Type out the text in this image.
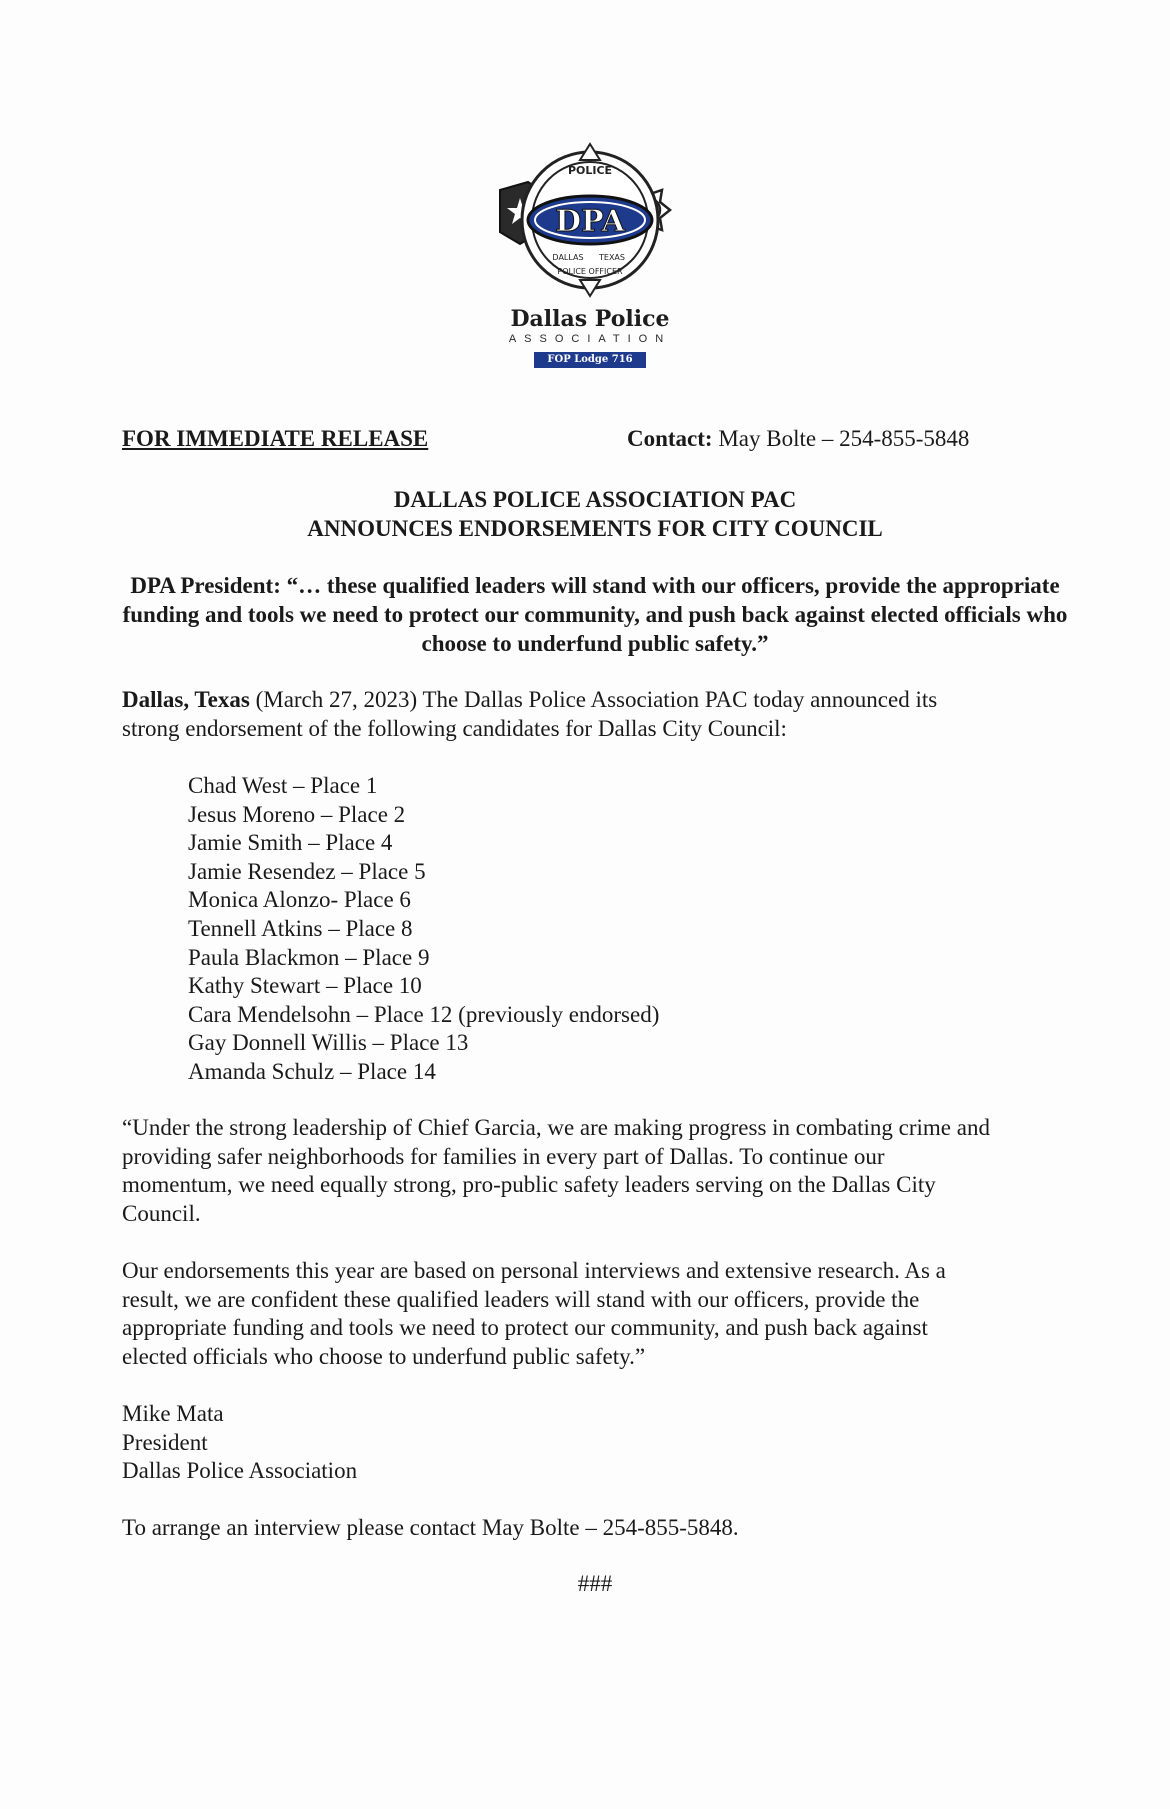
DPA
POLICE
DALLAS TEXAS
POLICE OFFICER
Dallas Police
ASSOCIATION
FOP Lodge 716
FOR IMMEDIATE RELEASE	Contact: May Bolte – 254-855-5848
DALLAS POLICE ASSOCIATION PAC
ANNOUNCES ENDORSEMENTS FOR CITY COUNCIL
DPA President: “… these qualified leaders will stand with our officers, provide the appropriate funding and tools we need to protect our community, and push back against elected officials who choose to underfund public safety.”
Dallas, Texas (March 27, 2023) The Dallas Police Association PAC today announced its
strong endorsement of the following candidates for Dallas City Council:
Chad West – Place 1
Jesus Moreno – Place 2
Jamie Smith – Place 4
Jamie Resendez – Place 5
Monica Alonzo- Place 6
Tennell Atkins – Place 8
Paula Blackmon – Place 9
Kathy Stewart – Place 10
Cara Mendelsohn – Place 12 (previously endorsed)
Gay Donnell Willis – Place 13
Amanda Schulz – Place 14
“Under the strong leadership of Chief Garcia, we are making progress in combating crime and
providing safer neighborhoods for families in every part of Dallas. To continue our
momentum, we need equally strong, pro-public safety leaders serving on the Dallas City
Council.
Our endorsements this year are based on personal interviews and extensive research. As a
result, we are confident these qualified leaders will stand with our officers, provide the
appropriate funding and tools we need to protect our community, and push back against
elected officials who choose to underfund public safety.”
Mike Mata
President
Dallas Police Association
To arrange an interview please contact May Bolte – 254-855-5848.
###
